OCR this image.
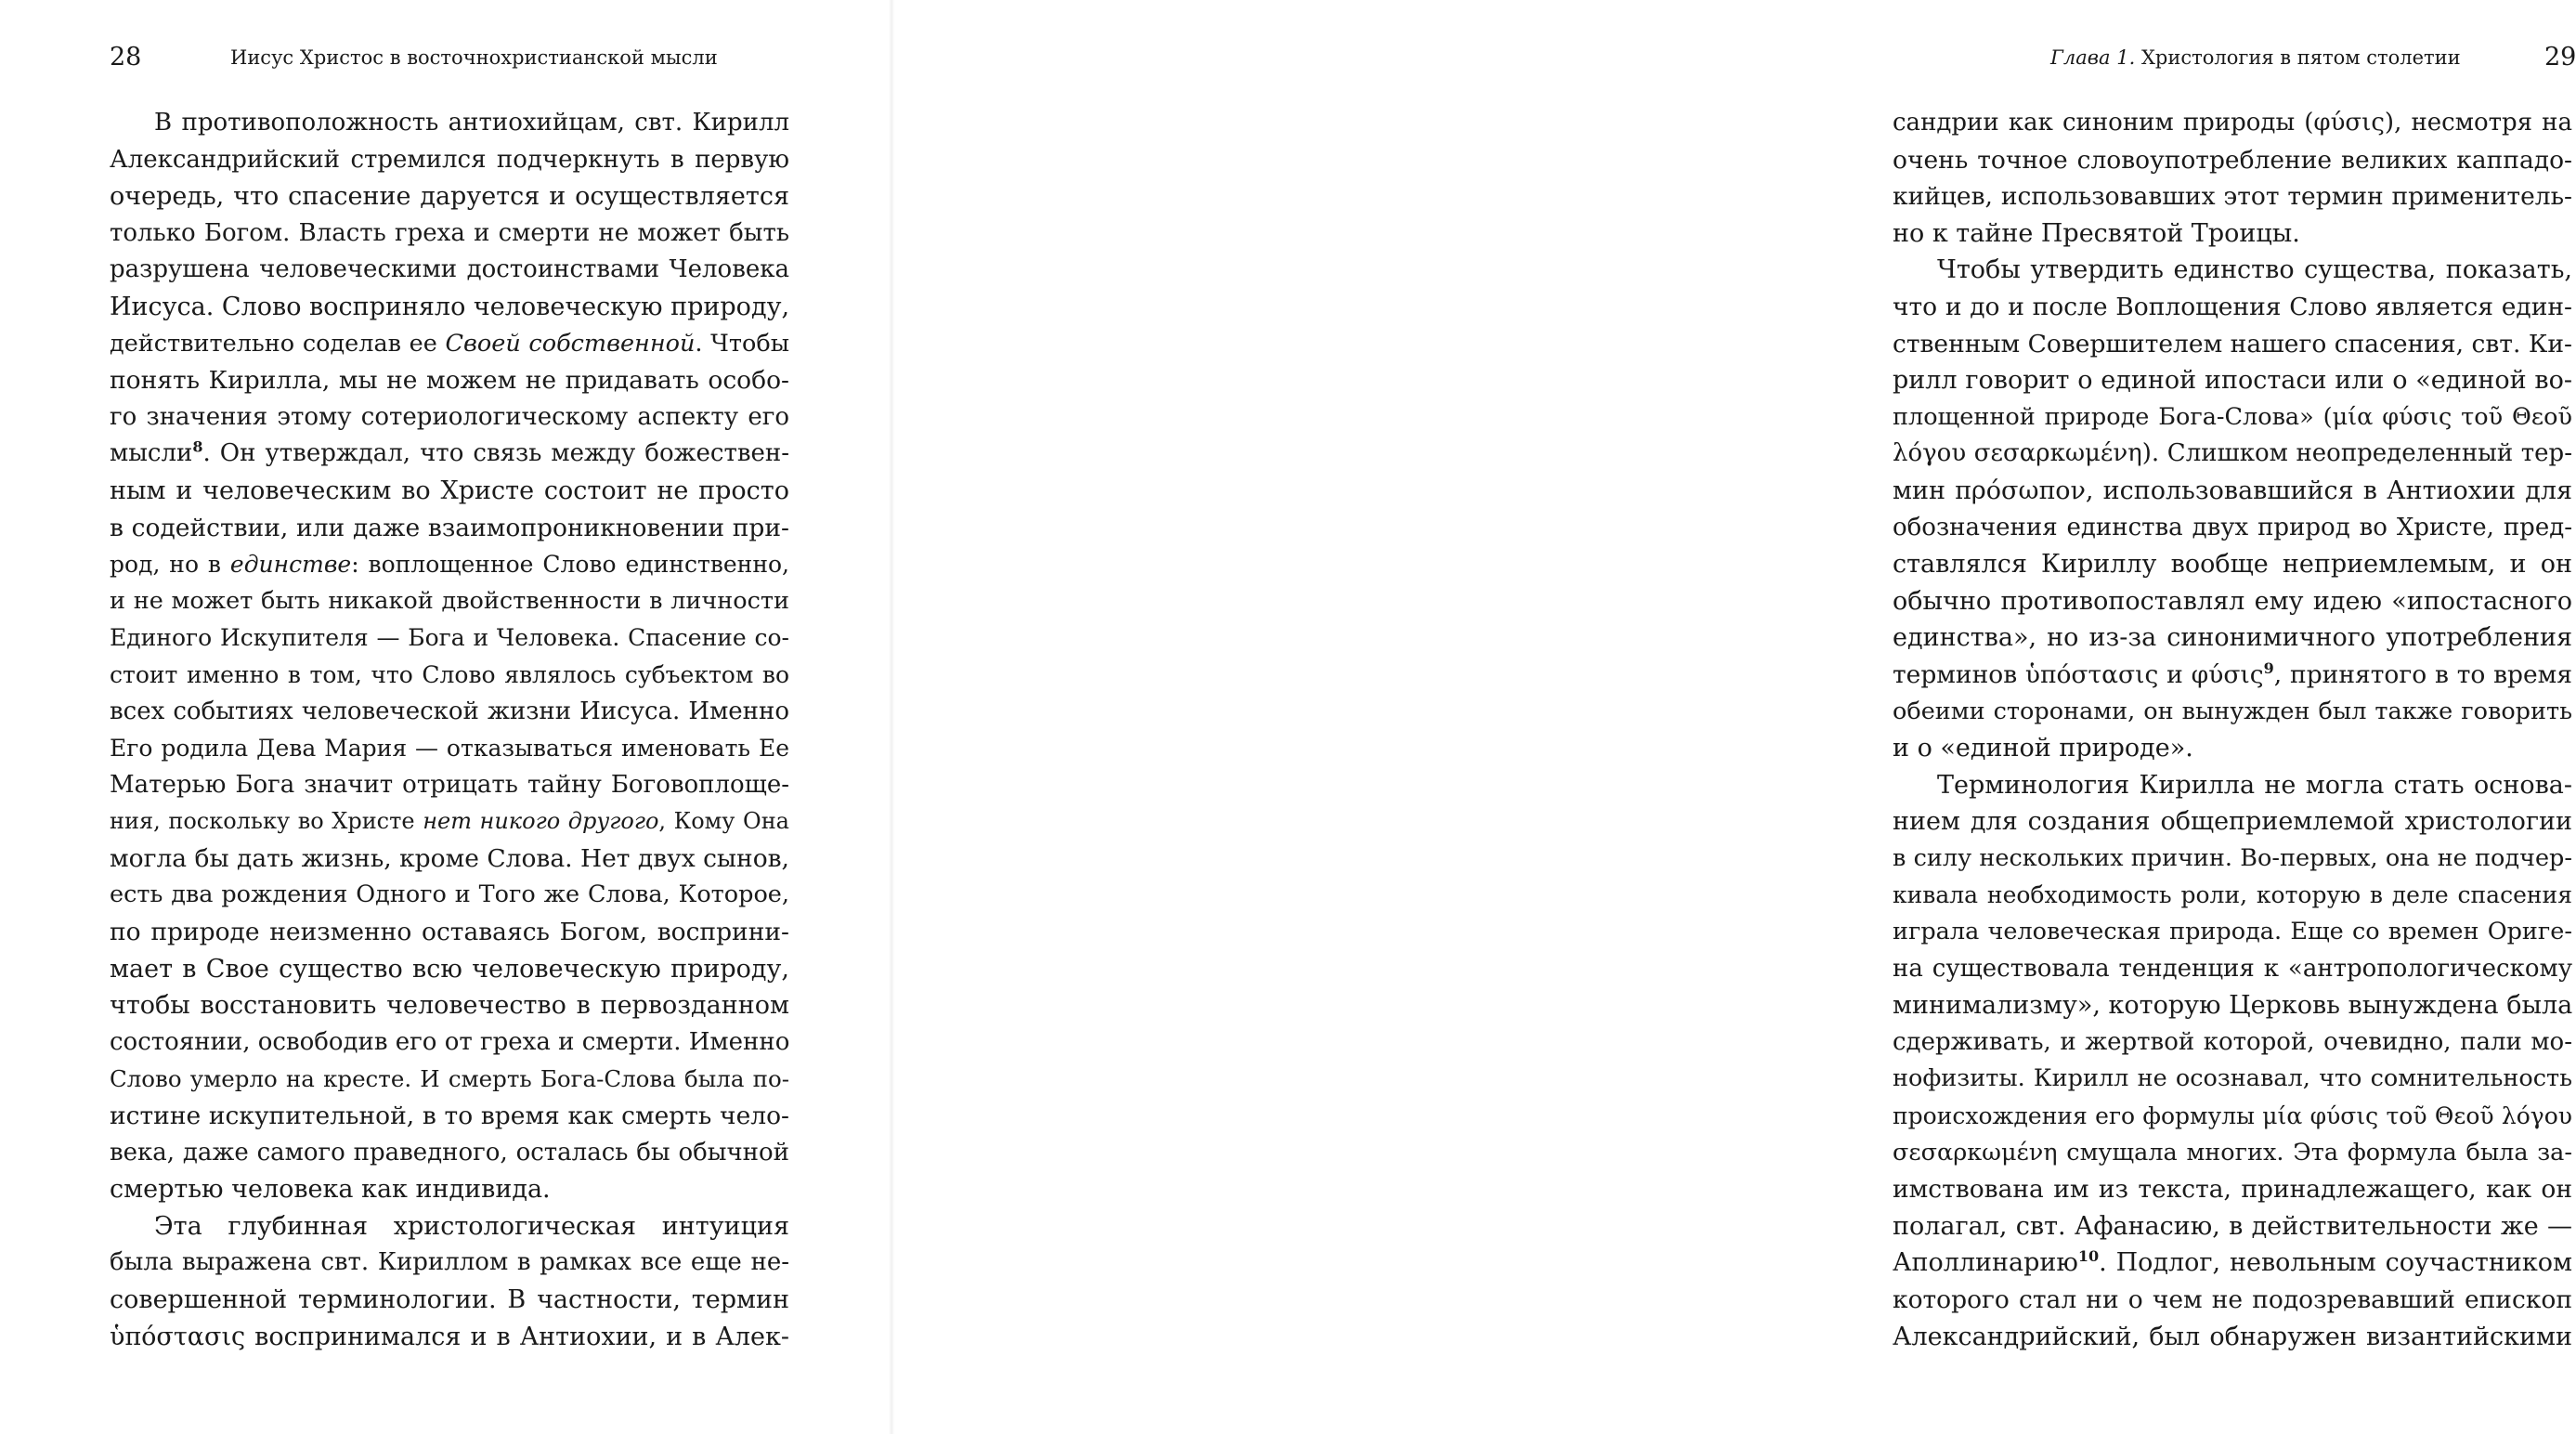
28	Иисус Христос в восточнохристианской мысли
В противоположность антиохийцам, свт. Кирилл
Александрийский стремился подчеркнуть в первую
очередь, что спасение даруется и осуществляется
только Богом. Власть греха и смерти не может быть
разрушена человеческими достоинствами Человека
Иисуса. Слово восприняло человеческую природу,
действительно соделав ее Своей собственной. Чтобы
понять Кирилла, мы не можем не придавать особо-
го значения этому сотериологическому аспекту его
мысли$^8$. Он утверждал, что связь между божествен-
ным и человеческим во Христе состоит не просто
в содействии, или даже взаимопроникновении при-
род, но в единстве: воплощенное Слово единственно,
и не может быть никакой двойственности в личности
Единого Искупителя — Бога и Человека. Спасение со-
стоит именно в том, что Слово являлось субъектом во
всех событиях человеческой жизни Иисуса. Именно
Его родила Дева Мария — отказываться именовать Ее
Матерью Бога значит отрицать тайну Боговоплоще-
ния, поскольку во Христе нет никого другого, Кому Она
могла бы дать жизнь, кроме Слова. Нет двух сынов,
есть два рождения Одного и Того же Слова, Которое,
по природе неизменно оставаясь Богом, восприни-
мает в Свое существо всю человеческую природу,
чтобы восстановить человечество в первозданном
состоянии, освободив его от греха и смерти. Именно
Слово умерло на кресте. И смерть Бога-Слова была по-
истине искупительной, в то время как смерть чело-
века, даже самого праведного, осталась бы обычной
смертью человека как индивида.
Эта глубинная христологическая интуиция
была выражена свт. Кириллом в рамках все еще не-
совершенной терминологии. В частности, термин
ὑπόστασις воспринимался и в Антиохии, и в Алек-
Глава 1. Христология в пятом столетии	29
сандрии как синоним природы (φύσις), несмотря на
очень точное словоупотребление великих каппадо-
кийцев, использовавших этот термин применитель-
но к тайне Пресвятой Троицы.
Чтобы утвердить единство существа, показать,
что и до и после Воплощения Слово является един-
ственным Совершителем нашего спасения, свт. Ки-
рилл говорит о единой ипостаси или о «единой во-
площенной природе Бога-Слова» (μία φύσις τοῦ Θεοῦ
λόγου σεσαρκωμένη). Слишком неопределенный тер-
мин πρόσωπον, использовавшийся в Антиохии для
обозначения единства двух природ во Христе, пред-
ставлялся Кириллу вообще неприемлемым, и он
обычно противопоставлял ему идею «ипостасного
единства», но из-за синонимичного употребления
терминов ὑπόστασις и φύσις$^9$, принятого в то время
обеими сторонами, он вынужден был также говорить
и о «единой природе».
Терминология Кирилла не могла стать основа-
нием для создания общеприемлемой христологии
в силу нескольких причин. Во-первых, она не подчер-
кивала необходимость роли, которую в деле спасения
играла человеческая природа. Еще со времен Ориге-
на существовала тенденция к «антропологическому
минимализму», которую Церковь вынуждена была
сдерживать, и жертвой которой, очевидно, пали мо-
нофизиты. Кирилл не осознавал, что сомнительность
происхождения его формулы μία φύσις τοῦ Θεοῦ λόγου
σεσαρκωμένη смущала многих. Эта формула была за-
имствована им из текста, принадлежащего, как он
полагал, свт. Афанасию, в действительности же —
Аполлинарию$^{10}$. Подлог, невольным соучастником
которого стал ни о чем не подозревавший епископ
Александрийский, был обнаружен византийскими
